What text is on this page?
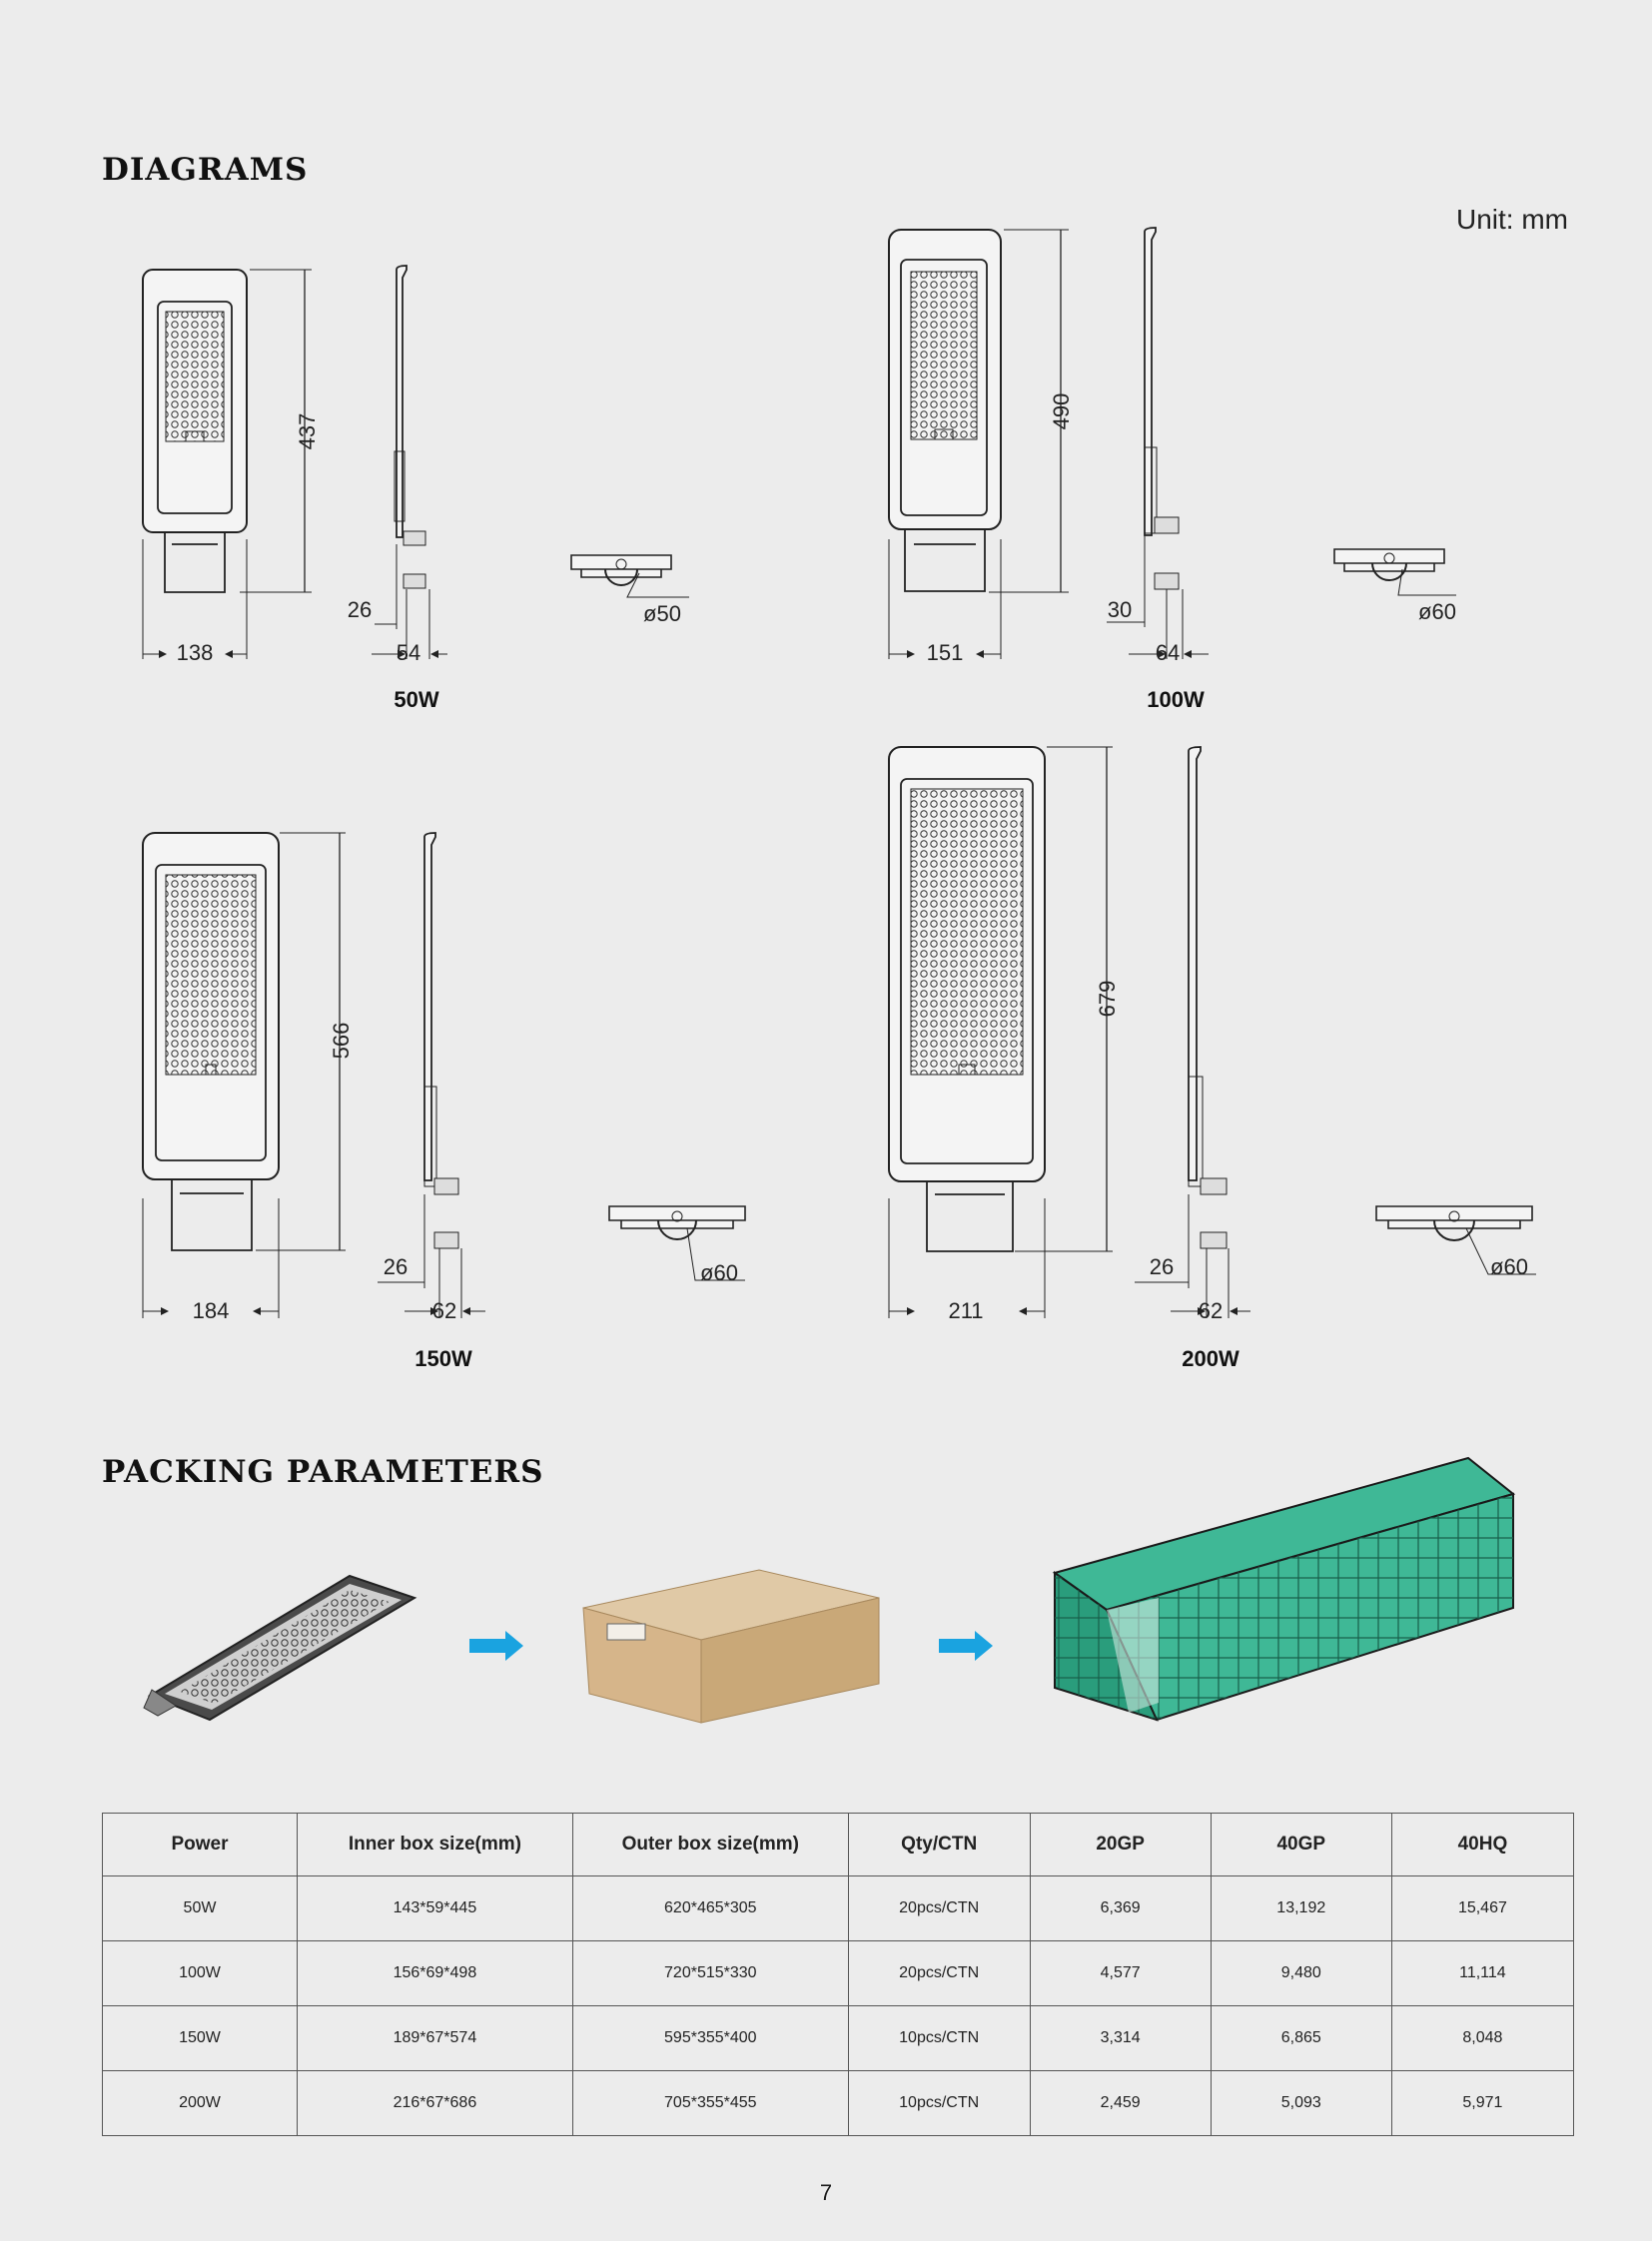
DIAGRAMS
Unit: mm
PACKING PARAMETERS
437
138
26
54
ø50
50W
490
151
30
64
ø60
100W
566
184
26
62
ø60
150W
679
211
26
62
ø60
200W
Power	Inner box size(mm)	Outer box size(mm)	Qty/CTN	20GP	40GP	40HQ
50W	143*59*445	620*465*305	20pcs/CTN	6,369	13,192	15,467
100W	156*69*498	720*515*330	20pcs/CTN	4,577	9,480	11,114
150W	189*67*574	595*355*400	10pcs/CTN	3,314	6,865	8,048
200W	216*67*686	705*355*455	10pcs/CTN	2,459	5,093	5,971
7
